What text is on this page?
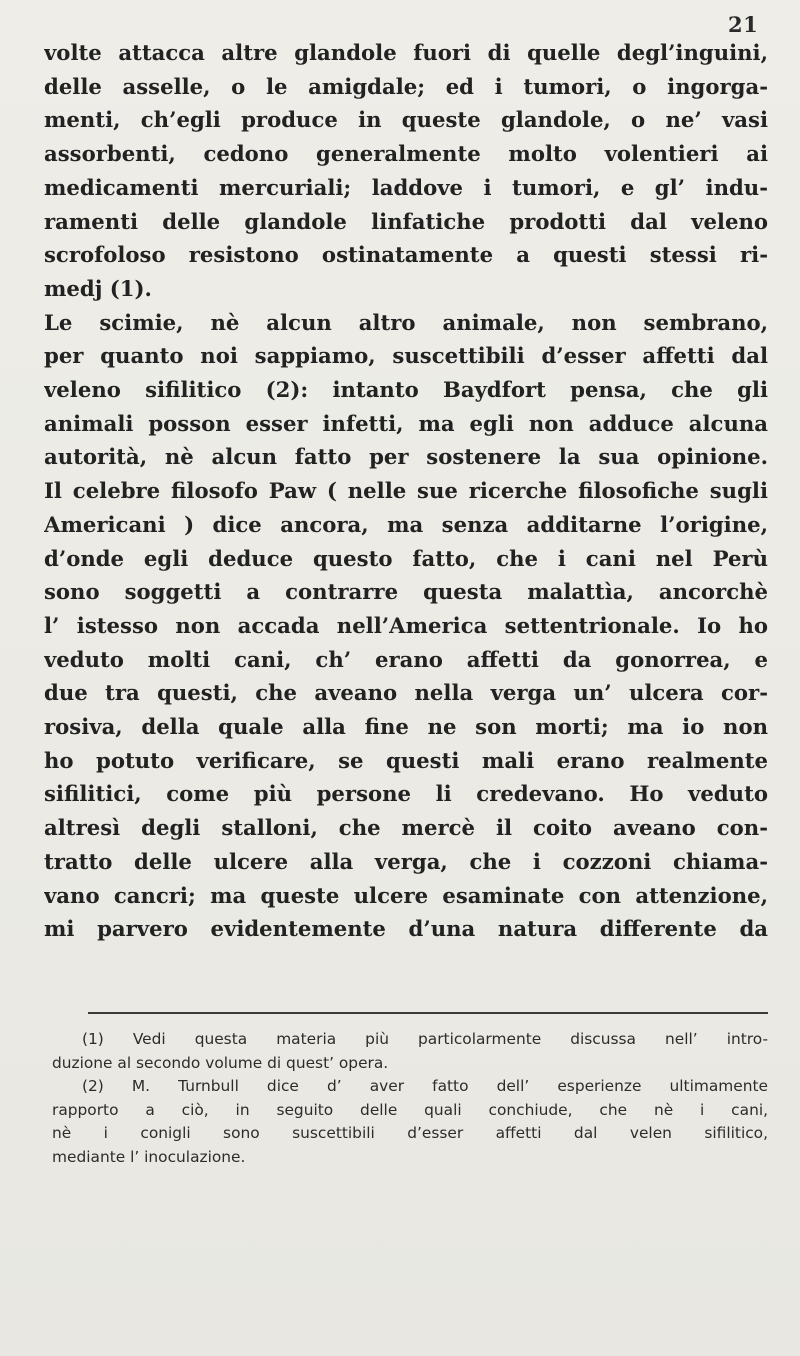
21
volte attacca altre glandole fuori di quelle degl’inguini,
delle asselle, o le amigdale; ed i tumori, o ingorga-
menti, ch’egli produce in queste glandole, o ne’ vasi
assorbenti, cedono generalmente molto volentieri ai
medicamenti mercuriali; laddove i tumori, e gl’ indu-
ramenti delle glandole linfatiche prodotti dal veleno
scrofoloso resistono ostinatamente a questi stessi ri-
medj (1).
Le scimie, nè alcun altro animale, non sembrano,
per quanto noi sappiamo, suscettibili d’esser affetti dal
veleno sifilitico (2): intanto Baydfort pensa, che gli
animali posson esser infetti, ma egli non adduce alcuna
autorità, nè alcun fatto per sostenere la sua opinione.
Il celebre filosofo Paw ( nelle sue ricerche filosofiche sugli
Americani ) dice ancora, ma senza additarne l’origine,
d’onde egli deduce questo fatto, che i cani nel Perù
sono soggetti a contrarre questa malattìa, ancorchè
l’ istesso non accada nell’America settentrionale. Io ho
veduto molti cani, ch’ erano affetti da gonorrea, e
due tra questi, che aveano nella verga un’ ulcera cor-
rosiva, della quale alla fine ne son morti; ma io non
ho potuto verificare, se questi mali erano realmente
sifilitici, come più persone li credevano. Ho veduto
altresì degli stalloni, che mercè il coito aveano con-
tratto delle ulcere alla verga, che i cozzoni chiama-
vano cancri; ma queste ulcere esaminate con attenzione,
mi parvero evidentemente d’una natura differente da
(1) Vedi questa materia più particolarmente discussa nell’ intro-
duzione al secondo volume di quest’ opera.
(2) M. Turnbull dice d’ aver fatto dell’ esperienze ultimamente
rapporto a ciò, in seguito delle quali conchiude, che nè i cani,
nè i conigli sono suscettibili d’esser affetti dal velen sifilitico,
mediante l’ inoculazione.
